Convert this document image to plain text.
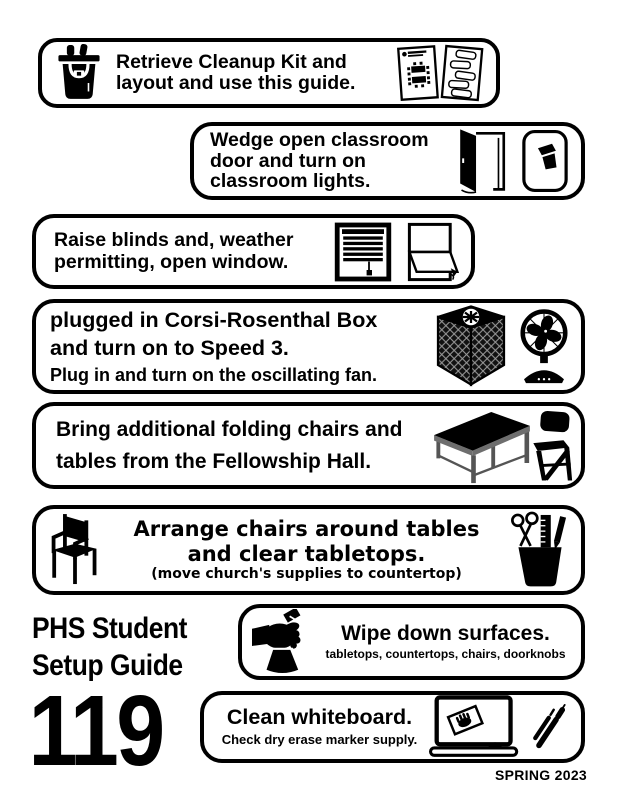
Retrieve Cleanup Kit and
layout and use this guide.
Wedge open classroom
door and turn on
classroom lights.
Raise blinds and, weather
permitting, open window.
plugged in Corsi-Rosenthal Box
and turn on to Speed 3.
Plug in and turn on the oscillating fan.
Bring additional folding chairs and
tables from the Fellowship Hall.
Arrange chairs around tables
and clear tabletops.
(move church's supplies to countertop)
Wipe down surfaces.
tabletops, countertops, chairs, doorknobs
Clean whiteboard.
Check dry erase marker supply.
PHS Student
Setup Guide
119	SPRING 2023
